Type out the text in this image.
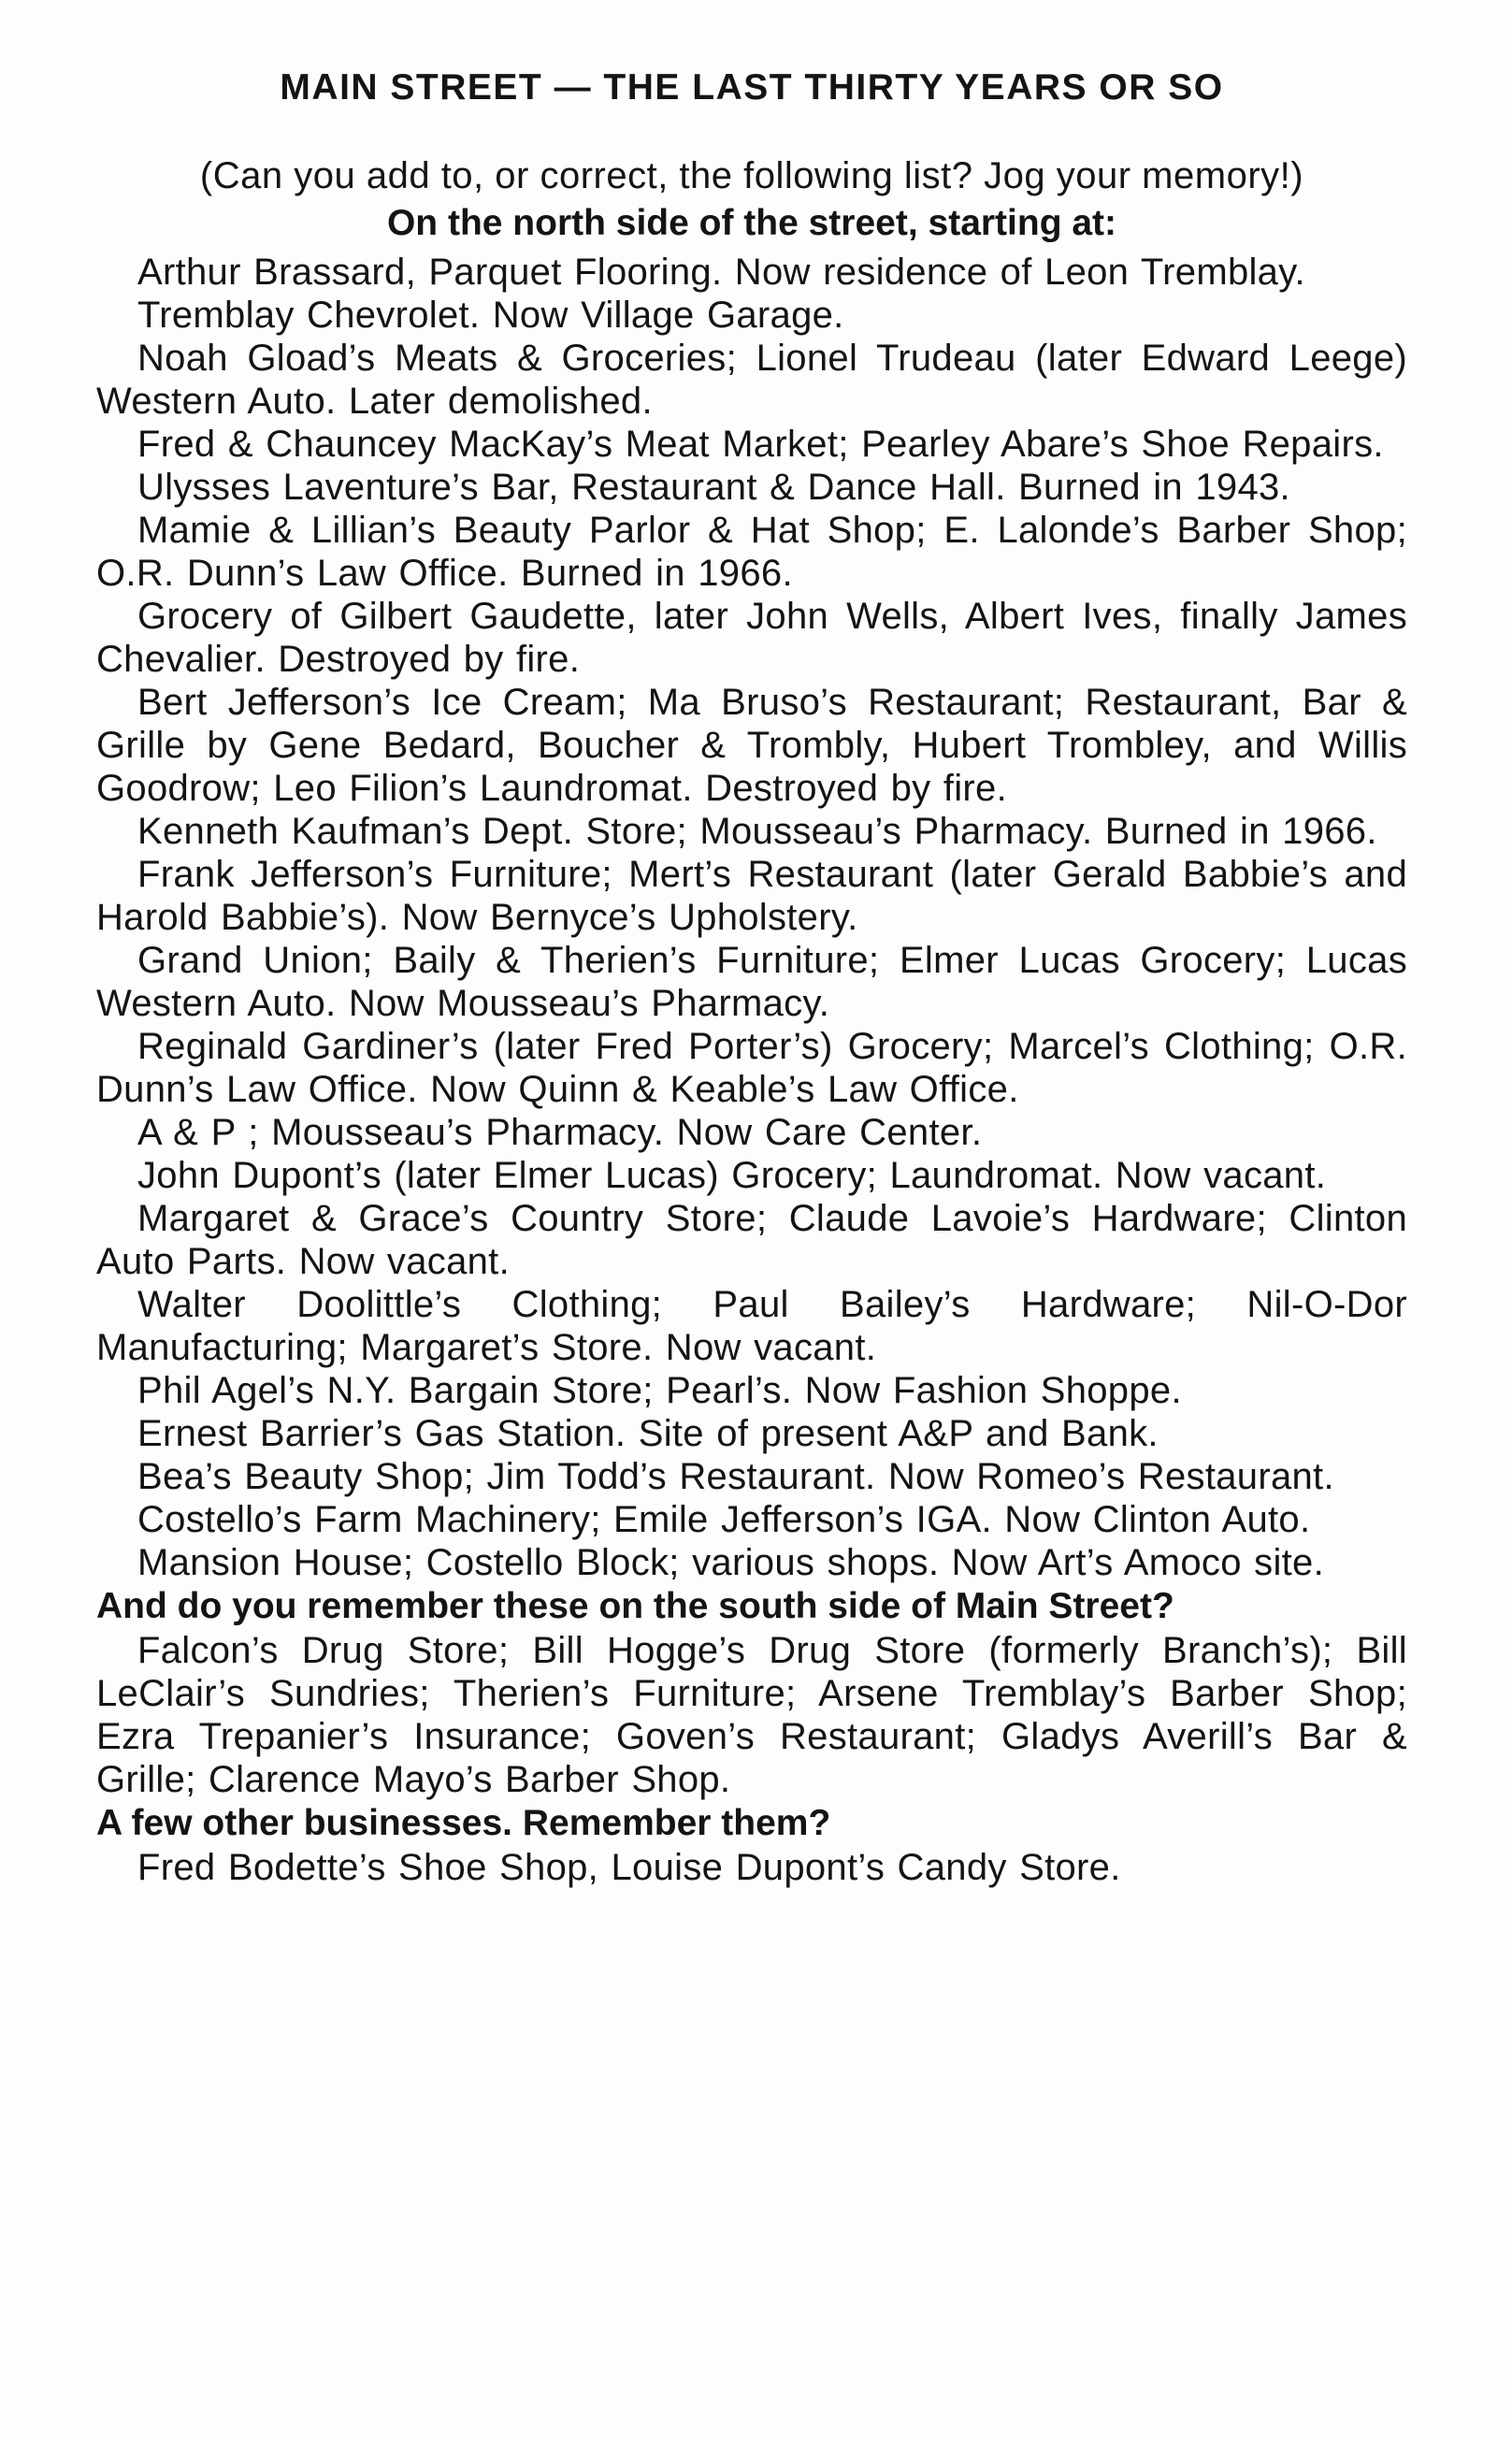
MAIN STREET — THE LAST THIRTY YEARS OR SO

(Can you add to, or correct, the following list? Jog your memory!)

On the north side of the street, starting at:

Arthur Brassard, Parquet Flooring. Now residence of Leon Tremblay.

Tremblay Chevrolet. Now Village Garage.

Noah Gload’s Meats & Groceries; Lionel Trudeau (later Edward Leege) Western Auto. Later demolished.

Fred & Chauncey MacKay’s Meat Market; Pearley Abare’s Shoe Repairs.

Ulysses Laventure’s Bar, Restaurant & Dance Hall. Burned in 1943.

Mamie & Lillian’s Beauty Parlor & Hat Shop; E. Lalonde’s Barber Shop; O.R. Dunn’s Law Office. Burned in 1966.

Grocery of Gilbert Gaudette, later John Wells, Albert Ives, finally James Chevalier. Destroyed by fire.

Bert Jefferson’s Ice Cream; Ma Bruso’s Restaurant; Restaurant, Bar & Grille by Gene Bedard, Boucher & Trombly, Hubert Trombley, and Willis Goodrow; Leo Filion’s Laundromat. Destroyed by fire.

Kenneth Kaufman’s Dept. Store; Mousseau’s Pharmacy. Burned in 1966.

Frank Jefferson’s Furniture; Mert’s Restaurant (later Gerald Babbie’s and Harold Babbie’s). Now Bernyce’s Upholstery.

Grand Union; Baily & Therien’s Furniture; Elmer Lucas Grocery; Lucas Western Auto. Now Mousseau’s Pharmacy.

Reginald Gardiner’s (later Fred Porter’s) Grocery; Marcel’s Clothing; O.R. Dunn’s Law Office. Now Quinn & Keable’s Law Office.

A & P ; Mousseau’s Pharmacy. Now Care Center.

John Dupont’s (later Elmer Lucas) Grocery; Laundromat. Now vacant.

Margaret & Grace’s Country Store; Claude Lavoie’s Hardware; Clinton Auto Parts. Now vacant.

Walter Doolittle’s Clothing; Paul Bailey’s Hardware; Nil-O-Dor Manufacturing; Margaret’s Store. Now vacant.

Phil Agel’s N.Y. Bargain Store; Pearl’s. Now Fashion Shoppe.

Ernest Barrier’s Gas Station. Site of present A&P and Bank.

Bea’s Beauty Shop; Jim Todd’s Restaurant. Now Romeo’s Restaurant.

Costello’s Farm Machinery; Emile Jefferson’s IGA. Now Clinton Auto.

Mansion House; Costello Block; various shops. Now Art’s Amoco site.

And do you remember these on the south side of Main Street?

Falcon’s Drug Store; Bill Hogge’s Drug Store (formerly Branch’s); Bill LeClair’s Sundries; Therien’s Furniture; Arsene Tremblay’s Barber Shop; Ezra Trepanier’s Insurance; Goven’s Restaurant; Gladys Averill’s Bar & Grille; Clarence Mayo’s Barber Shop.

A few other businesses. Remember them?

Fred Bodette’s Shoe Shop, Louise Dupont’s Candy Store.
